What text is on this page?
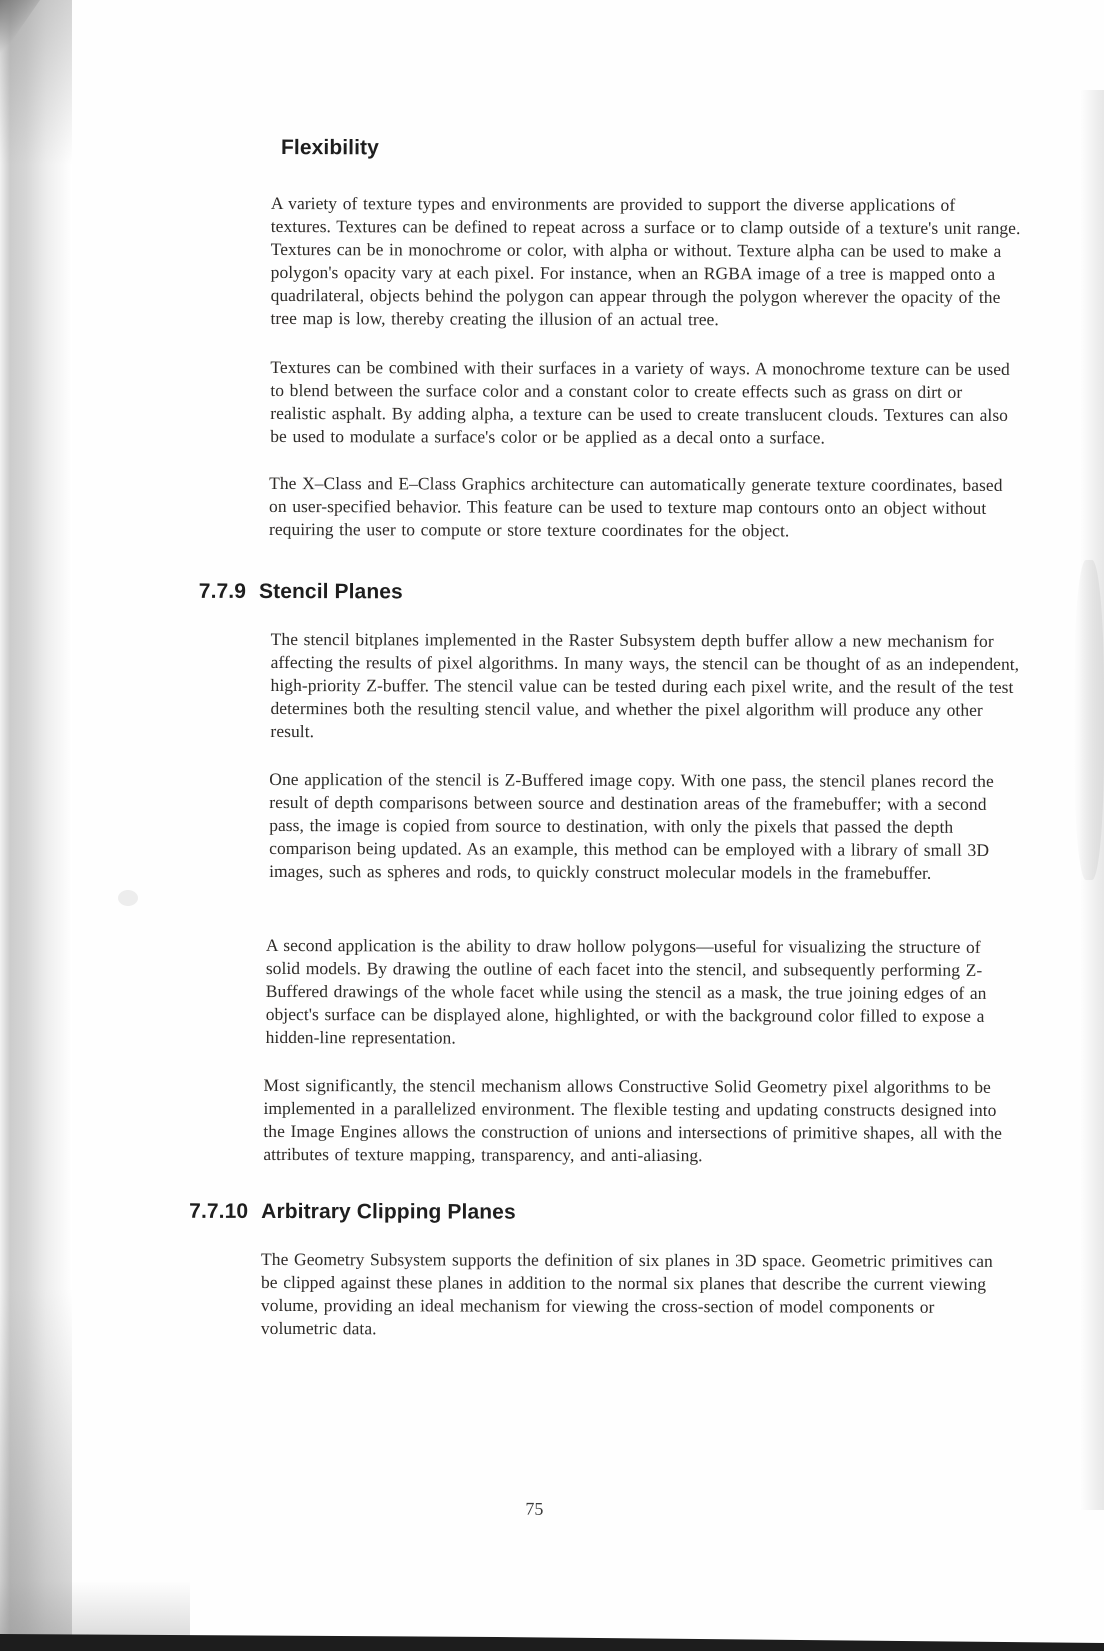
Flexibility

A variety of texture types and environments are provided to support the diverse applications of textures. Textures can be defined to repeat across a surface or to clamp outside of a texture's unit range. Textures can be in monochrome or color, with alpha or without. Texture alpha can be used to make a polygon's opacity vary at each pixel. For instance, when an RGBA image of a tree is mapped onto a quadrilateral, objects behind the polygon can appear through the polygon wherever the opacity of the tree map is low, thereby creating the illusion of an actual tree.

Textures can be combined with their surfaces in a variety of ways. A monochrome texture can be used to blend between the surface color and a constant color to create effects such as grass on dirt or realistic asphalt. By adding alpha, a texture can be used to create translucent clouds. Textures can also be used to modulate a surface's color or be applied as a decal onto a surface.

The X–Class and E–Class Graphics architecture can automatically generate texture coordinates, based on user-specified behavior. This feature can be used to texture map contours onto an object without requiring the user to compute or store texture coordinates for the object.

7.7.9 Stencil Planes

The stencil bitplanes implemented in the Raster Subsystem depth buffer allow a new mechanism for affecting the results of pixel algorithms. In many ways, the stencil can be thought of as an independent, high-priority Z-buffer. The stencil value can be tested during each pixel write, and the result of the test determines both the resulting stencil value, and whether the pixel algorithm will produce any other result.

One application of the stencil is Z-Buffered image copy. With one pass, the stencil planes record the result of depth comparisons between source and destination areas of the framebuffer; with a second pass, the image is copied from source to destination, with only the pixels that passed the depth comparison being updated. As an example, this method can be employed with a library of small 3D images, such as spheres and rods, to quickly construct molecular models in the framebuffer.

A second application is the ability to draw hollow polygons—useful for visualizing the structure of solid models. By drawing the outline of each facet into the stencil, and subsequently performing Z-Buffered drawings of the whole facet while using the stencil as a mask, the true joining edges of an object's surface can be displayed alone, highlighted, or with the background color filled to expose a hidden-line representation.

Most significantly, the stencil mechanism allows Constructive Solid Geometry pixel algorithms to be implemented in a parallelized environment. The flexible testing and updating constructs designed into the Image Engines allows the construction of unions and intersections of primitive shapes, all with the attributes of texture mapping, transparency, and anti-aliasing.

7.7.10 Arbitrary Clipping Planes

The Geometry Subsystem supports the definition of six planes in 3D space. Geometric primitives can be clipped against these planes in addition to the normal six planes that describe the current viewing volume, providing an ideal mechanism for viewing the cross-section of model components or volumetric data.

75
